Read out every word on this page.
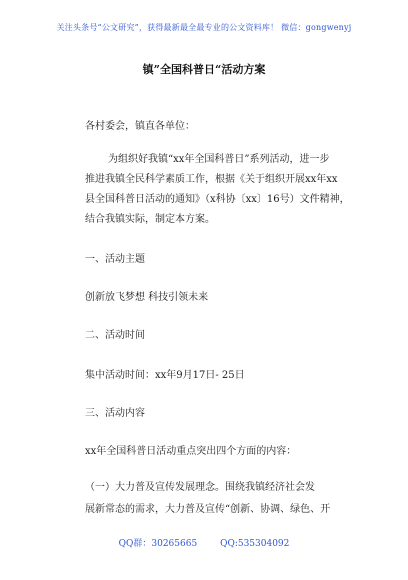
关注头条号“公文研究”，获得最新最全最专业的公文资料库！ 微信：gongwenyj
镇”全国科普日“活动方案
各村委会，镇直各单位：
为组织好我镇“xx年全国科普日”系列活动，进一步
推进我镇全民科学素质工作，根据《关于组织开展xx年xx
县全国科普日活动的通知》（x科协〔xx〕16号）文件精神，
结合我镇实际，制定本方案。
一、活动主题
创新放飞梦想 科技引领未来
二、活动时间
集中活动时间：xx年9月17日- 25日
三、活动内容
xx年全国科普日活动重点突出四个方面的内容：
（一）大力普及宣传发展理念。围绕我镇经济社会发
展新常态的需求，大力普及宣传“创新、协调、绿色、开
QQ群：30265665	QQ:535304092
